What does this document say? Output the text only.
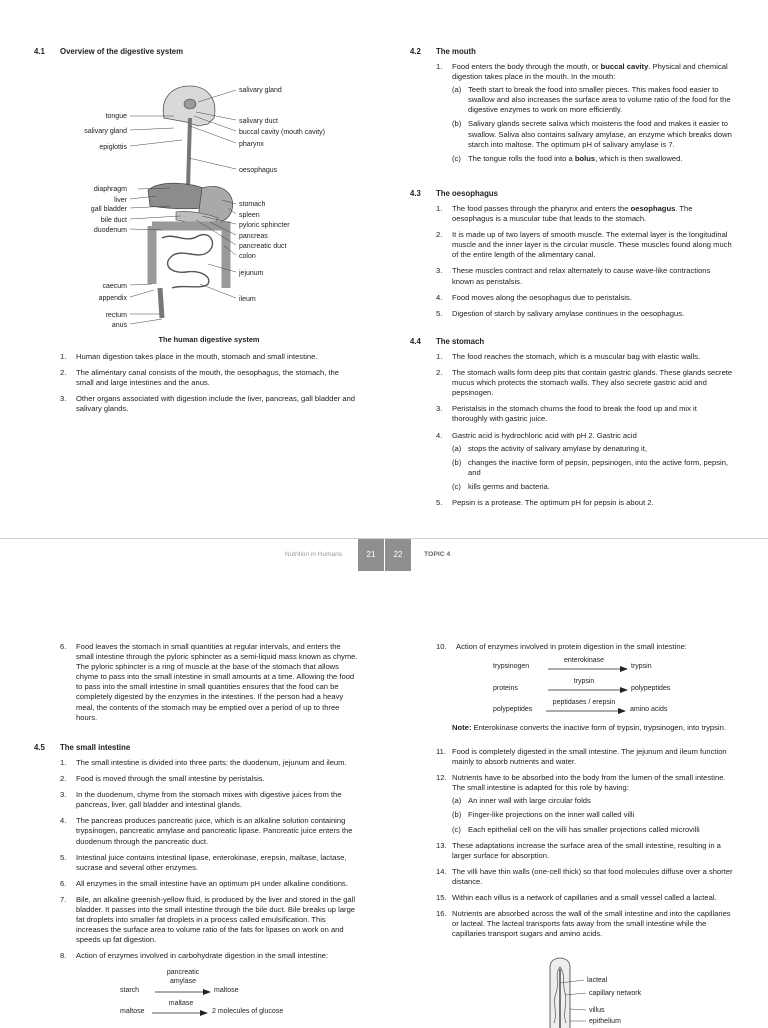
4.1 Overview of the digestive system
tongue
salivary gland
epiglottis
diaphragm
liver
gall bladder
bile duct
duodenum
caecum
appendix
rectum
anus
salivary gland
salivary duct
buccal cavity (mouth cavity)
pharynx
oesophagus
stomach
spleen
pyloric sphincter
pancreas
pancreatic duct
colon
jejunum
ileum
The human digestive system
1. Human digestion takes place in the mouth, stomach and small intestine.
2. The alimentary canal consists of the mouth, the oesophagus, the stomach, the small and large intestines and the anus.
3. Other organs associated with digestion include the liver, pancreas, gall bladder and salivary glands.
4.2 The mouth
1. Food enters the body through the mouth, or buccal cavity. Physical and chemical digestion takes place in the mouth. In the mouth:
(a) Teeth start to break the food into smaller pieces. This makes food easier to swallow and also increases the surface area to volume ratio of the food for the digestive enzymes to work on more efficiently.
(b) Salivary glands secrete saliva which moistens the food and makes it easier to swallow. Saliva also contains salivary amylase, an enzyme which breaks down starch into maltose. The optimum pH of salivary amylase is 7.
(c) The tongue rolls the food into a bolus, which is then swallowed.
4.3 The oesophagus
1. The food passes through the pharynx and enters the oesophagus. The oesophagus is a muscular tube that leads to the stomach.
2. It is made up of two layers of smooth muscle. The external layer is the longitudinal muscle and the inner layer is the circular muscle. These muscles found along much of the entire length of the alimentary canal.
3. These muscles contract and relax alternately to cause wave-like contractions known as peristalsis.
4. Food moves along the oesophagus due to peristalsis.
5. Digestion of starch by salivary amylase continues in the oesophagus.
4.4 The stomach
1. The food reaches the stomach, which is a muscular bag with elastic walls.
2. The stomach walls form deep pits that contain gastric glands. These glands secrete mucus which protects the stomach walls. They also secrete gastric acid and pepsinogen.
3. Peristalsis in the stomach churns the food to break the food up and mix it thoroughly with gastric juice.
4. Gastric acid is hydrochloric acid with pH 2. Gastric acid
(a) stops the activity of salivary amylase by denaturing it,
(b) changes the inactive form of pepsin, pepsinogen, into the active form, pepsin, and
(c) kills germs and bacteria.
5. Pepsin is a protease. The optimum pH for pepsin is about 2.
Nutrition in Humans	21	22	TOPIC 4
6. Food leaves the stomach in small quantities at regular intervals, and enters the small intestine through the pyloric sphincter as a semi-liquid mass known as chyme. The pyloric sphincter is a ring of muscle at the base of the stomach that allows chyme to pass into the small intestine in small amounts at a time. Allowing the food to pass into the small intestine in small quantities ensures that the food can be completely digested by the enzymes in the intestines. If the person had a heavy meal, the contents of the stomach may be emptied over a period of up to three hours.
4.5 The small intestine
1. The small intestine is divided into three parts: the duodenum, jejunum and ileum.
2. Food is moved through the small intestine by peristalsis.
3. In the duodenum, chyme from the stomach mixes with digestive juices from the pancreas, liver, gall bladder and intestinal glands.
4. The pancreas produces pancreatic juice, which is an alkaline solution containing trypsinogen, pancreatic amylase and pancreatic lipase. Pancreatic juice enters the duodenum through the pancreatic duct.
5. Intestinal juice contains intestinal lipase, enterokinase, erepsin, maltase, lactase, sucrase and several other enzymes.
6. All enzymes in the small intestine have an optimum pH under alkaline conditions.
7. Bile, an alkaline greenish-yellow fluid, is produced by the liver and stored in the gall bladder. It passes into the small intestine through the bile duct. Bile breaks up large fat droplets into smaller fat droplets in a process called emulsification. This increases the surface area to volume ratio of the fats for lipases on work on and speeds up fat digestion.
8. Action of enzymes involved in carbohydrate digestion in the small intestine:
starch
pancreatic
amylase
maltose
maltose
maltase
2 molecules of glucose
10. Action of enzymes involved in protein digestion in the small intestine:
trypsinogen
enterokinase
trypsin
proteins
trypsin
polypeptides
polypeptides
peptidases / erepsin
amino acids
Note: Enterokinase converts the inactive form of trypsin, trypsinogen, into trypsin.
11. Food is completely digested in the small intestine. The jejunum and ileum function mainly to absorb nutrients and water.
12. Nutrients have to be absorbed into the body from the lumen of the small intestine. The small intestine is adapted for this role by having:
(a) An inner wall with large circular folds
(b) Finger-like projections on the inner wall called villi
(c) Each epithelial cell on the villi has smaller projections called microvilli
13. These adaptations increase the surface area of the small intestine, resulting in a larger surface for absorption.
14. The villi have thin walls (one-cell thick) so that food molecules diffuse over a shorter distance.
15. Within each villus is a network of capillaries and a small vessel called a lacteal.
16. Nutrients are absorbed across the wall of the small intestine and into the capillaries or lacteal. The lacteal transports fats away from the small intestine while the capillaries transport sugars and amino acids.
lacteal
capillary network
villus
epithelium
